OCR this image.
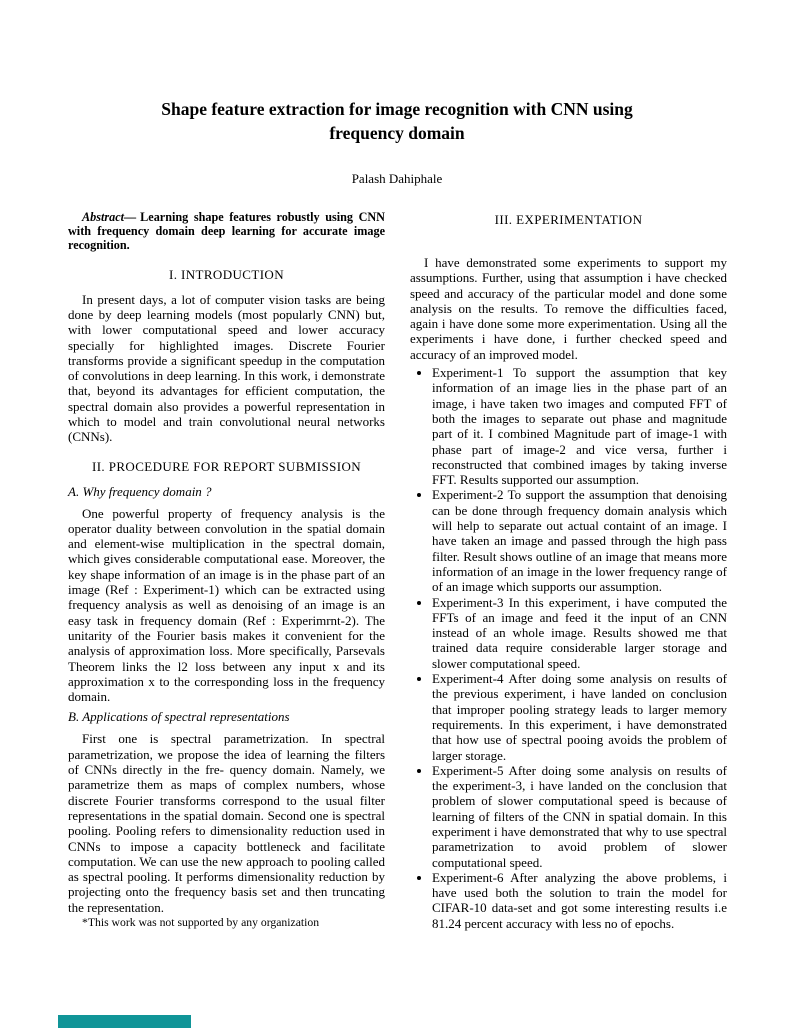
Shape feature extraction for image recognition with CNN using
frequency domain
Palash Dahiphale

Abstract— Learning shape features robustly using CNN with frequency domain deep learning for accurate image recognition.

I. INTRODUCTION

In present days, a lot of computer vision tasks are being done by deep learning models (most popularly CNN) but, with lower computational speed and lower accuracy specially for highlighted images. Discrete Fourier transforms provide a significant speedup in the computation of convolutions in deep learning. In this work, i demonstrate that, beyond its advantages for efficient computation, the spectral domain also provides a powerful representation in which to model and train convolutional neural networks (CNNs).

II. PROCEDURE FOR REPORT SUBMISSION
A. Why frequency domain ?

One powerful property of frequency analysis is the operator duality between convolution in the spatial domain and element-wise multiplication in the spectral domain, which gives considerable computational ease. Moreover, the key shape information of an image is in the phase part of an image (Ref : Experiment-1) which can be extracted using frequency analysis as well as denoising of an image is an easy task in frequency domain (Ref : Experimrnt-2). The unitarity of the Fourier basis makes it convenient for the analysis of approximation loss. More specifically, Parsevals Theorem links the l2 loss between any input x and its approximation x to the corresponding loss in the frequency domain.

B. Applications of spectral representations

First one is spectral parametrization. In spectral parametrization, we propose the idea of learning the filters of CNNs directly in the fre- quency domain. Namely, we parametrize them as maps of complex numbers, whose discrete Fourier transforms correspond to the usual filter representations in the spatial domain. Second one is spectral pooling. Pooling refers to dimensionality reduction used in CNNs to impose a capacity bottleneck and facilitate computation. We can use the new approach to pooling called as spectral pooling. It performs dimensionality reduction by projecting onto the frequency basis set and then truncating the representation.

III. EXPERIMENTATION

I have demonstrated some experiments to support my assumptions. Further, using that assumption i have checked speed and accuracy of the particular model and done some analysis on the results. To remove the difficulties faced, again i have done some more experimentation. Using all the experiments i have done, i further checked speed and accuracy of an improved model.

• Experiment-1 To support the assumption that key information of an image lies in the phase part of an image, i have taken two images and computed FFT of both the images to separate out phase and magnitude part of it. I combined Magnitude part of image-1 with phase part of image-2 and vice versa, further i reconstructed that combined images by taking inverse FFT. Results supported our assumption.
• Experiment-2 To support the assumption that denoising can be done through frequency domain analysis which will help to separate out actual containt of an image. I have taken an image and passed through the high pass filter. Result shows outline of an image that means more information of an image in the lower frequency range of of an image which supports our assumption.
• Experiment-3 In this experiment, i have computed the FFTs of an image and feed it the input of an CNN instead of an whole image. Results showed me that trained data require considerable larger storage and slower computational speed.
• Experiment-4 After doing some analysis on results of the previous experiment, i have landed on conclusion that improper pooling strategy leads to larger memory requirements. In this experiment, i have demonstrated that how use of spectral pooing avoids the problem of larger storage.
• Experiment-5 After doing some analysis on results of the experiment-3, i have landed on the conclusion that problem of slower computational speed is because of learning of filters of the CNN in spatial domain. In this experiment i have demonstrated that why to use spectral parametrization to avoid problem of slower computational speed.
• Experiment-6 After analyzing the above problems, i have used both the solution to train the model for CIFAR-10 data-set and got some interesting results i.e 81.24 percent accuracy with less no of epochs.
*This work was not supported by any organization
